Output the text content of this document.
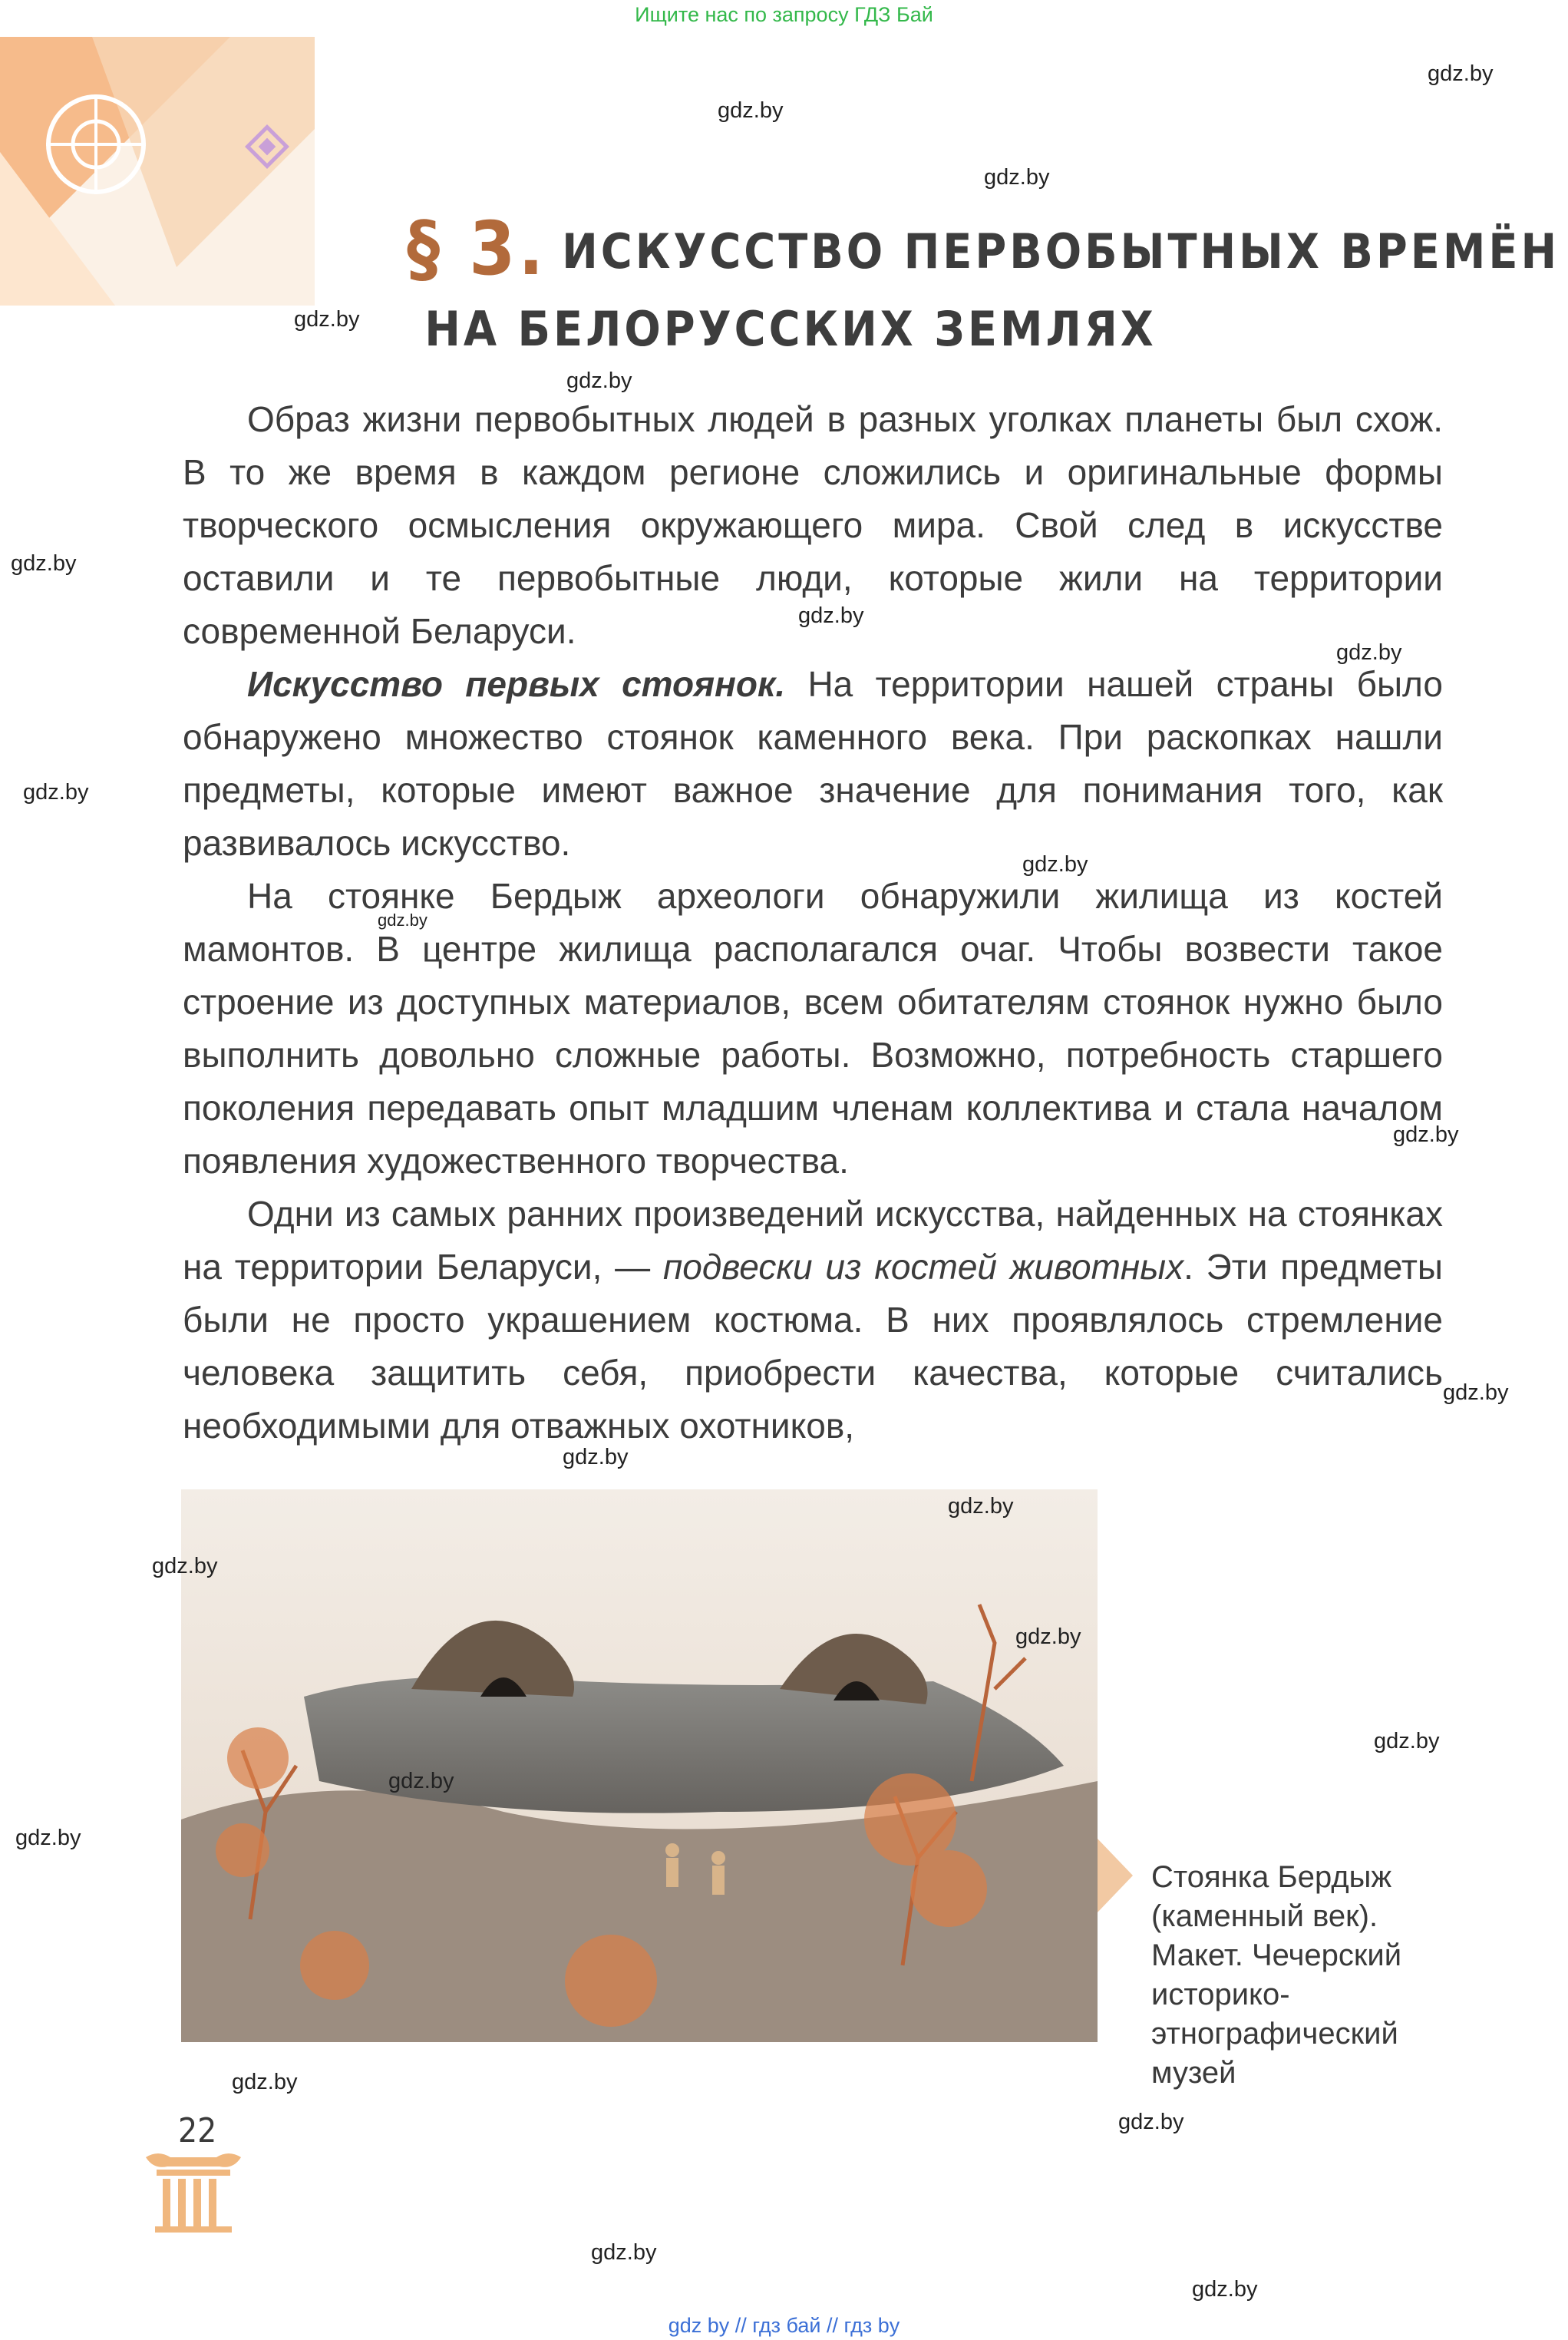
Ищите нас по запросу ГДЗ Бай
§ 3. ИСКУССТВО ПЕРВОБЫТНЫХ ВРЕМЁН
НА БЕЛОРУССКИХ ЗЕМЛЯХ

Образ жизни первобытных людей в разных уголках планеты был схож. В то же время в каждом регионе сложились и оригинальные формы творческого осмысления окружающего мира. Свой след в искусстве оставили и те первобытные люди, которые жили на территории современной Беларуси.

Искусство первых стоянок. На территории нашей страны было обнаружено множество стоянок каменного века. При раскопках нашли предметы, которые имеют важное значение для понимания того, как развивалось искусство.

На стоянке Бердыж археологи обнаружили жилища из костей мамонтов. В центре жилища располагался очаг. Чтобы возвести такое строение из доступных материалов, всем обитателям стоянок нужно было выполнить довольно сложные работы. Возможно, потребность старшего поколения передавать опыт младшим членам коллектива и стала началом появления художественного творчества.

Одни из самых ранних произведений искусства, найденных на стоянках на территории Беларуси, — подвески из костей животных. Эти предметы были не просто украшением костюма. В них проявлялось стремление человека защитить себя, приобрести качества, которые считались необходимыми для отважных охотников,

Стоянка Бердыж (каменный век). Макет. Чечерский историко-этнографический музей
22
gdz.by
gdz.by
gdz.by
gdz.by
gdz.by
gdz.by
gdz.by
gdz.by
gdz.by
gdz.by
gdz.by
gdz.by
gdz.by
gdz.by
gdz.by
gdz.by
gdz.by
gdz.by
gdz.by
gdz.by
gdz.by
gdz.by
gdz.by
gdz.by
gdz by // гдз бай // гдз by
